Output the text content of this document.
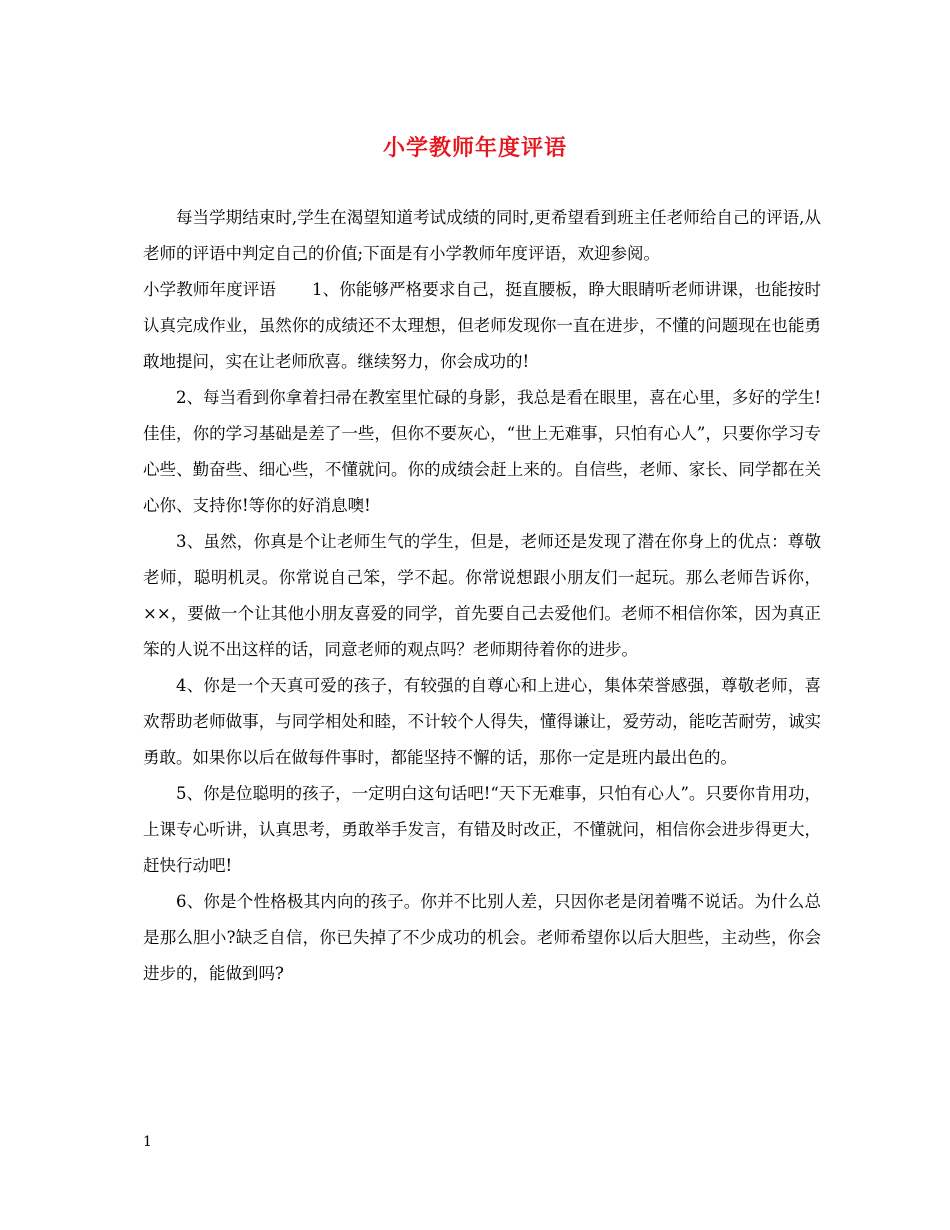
小学教师年度评语

每当学期结束时,学生在渴望知道考试成绩的同时,更希望看到班主任老师给自己的评语,从老师的评语中判定自己的价值;下面是有小学教师年度评语，欢迎参阅。

小学教师年度评语 1、你能够严格要求自己，挺直腰板，睁大眼睛听老师讲课，也能按时认真完成作业，虽然你的成绩还不太理想，但老师发现你一直在进步，不懂的问题现在也能勇敢地提问，实在让老师欣喜。继续努力，你会成功的!

2、每当看到你拿着扫帚在教室里忙碌的身影，我总是看在眼里，喜在心里，多好的学生!佳佳，你的学习基础是差了一些，但你不要灰心，“世上无难事，只怕有心人”，只要你学习专心些、勤奋些、细心些，不懂就问。你的成绩会赶上来的。自信些，老师、家长、同学都在关心你、支持你!等你的好消息噢!

3、虽然，你真是个让老师生气的学生，但是，老师还是发现了潜在你身上的优点：尊敬老师，聪明机灵。你常说自己笨，学不起。你常说想跟小朋友们一起玩。那么老师告诉你，××，要做一个让其他小朋友喜爱的同学，首先要自己去爱他们。老师不相信你笨，因为真正笨的人说不出这样的话，同意老师的观点吗？老师期待着你的进步。

4、你是一个天真可爱的孩子，有较强的自尊心和上进心，集体荣誉感强，尊敬老师，喜欢帮助老师做事，与同学相处和睦，不计较个人得失，懂得谦让，爱劳动，能吃苦耐劳，诚实勇敢。如果你以后在做每件事时，都能坚持不懈的话，那你一定是班内最出色的。

5、你是位聪明的孩子，一定明白这句话吧!“天下无难事，只怕有心人”。只要你肯用功，上课专心听讲，认真思考，勇敢举手发言，有错及时改正，不懂就问，相信你会进步得更大，赶快行动吧!

6、你是个性格极其内向的孩子。你并不比别人差，只因你老是闭着嘴不说话。为什么总是那么胆小?缺乏自信，你已失掉了不少成功的机会。老师希望你以后大胆些，主动些，你会进步的，能做到吗?

1
